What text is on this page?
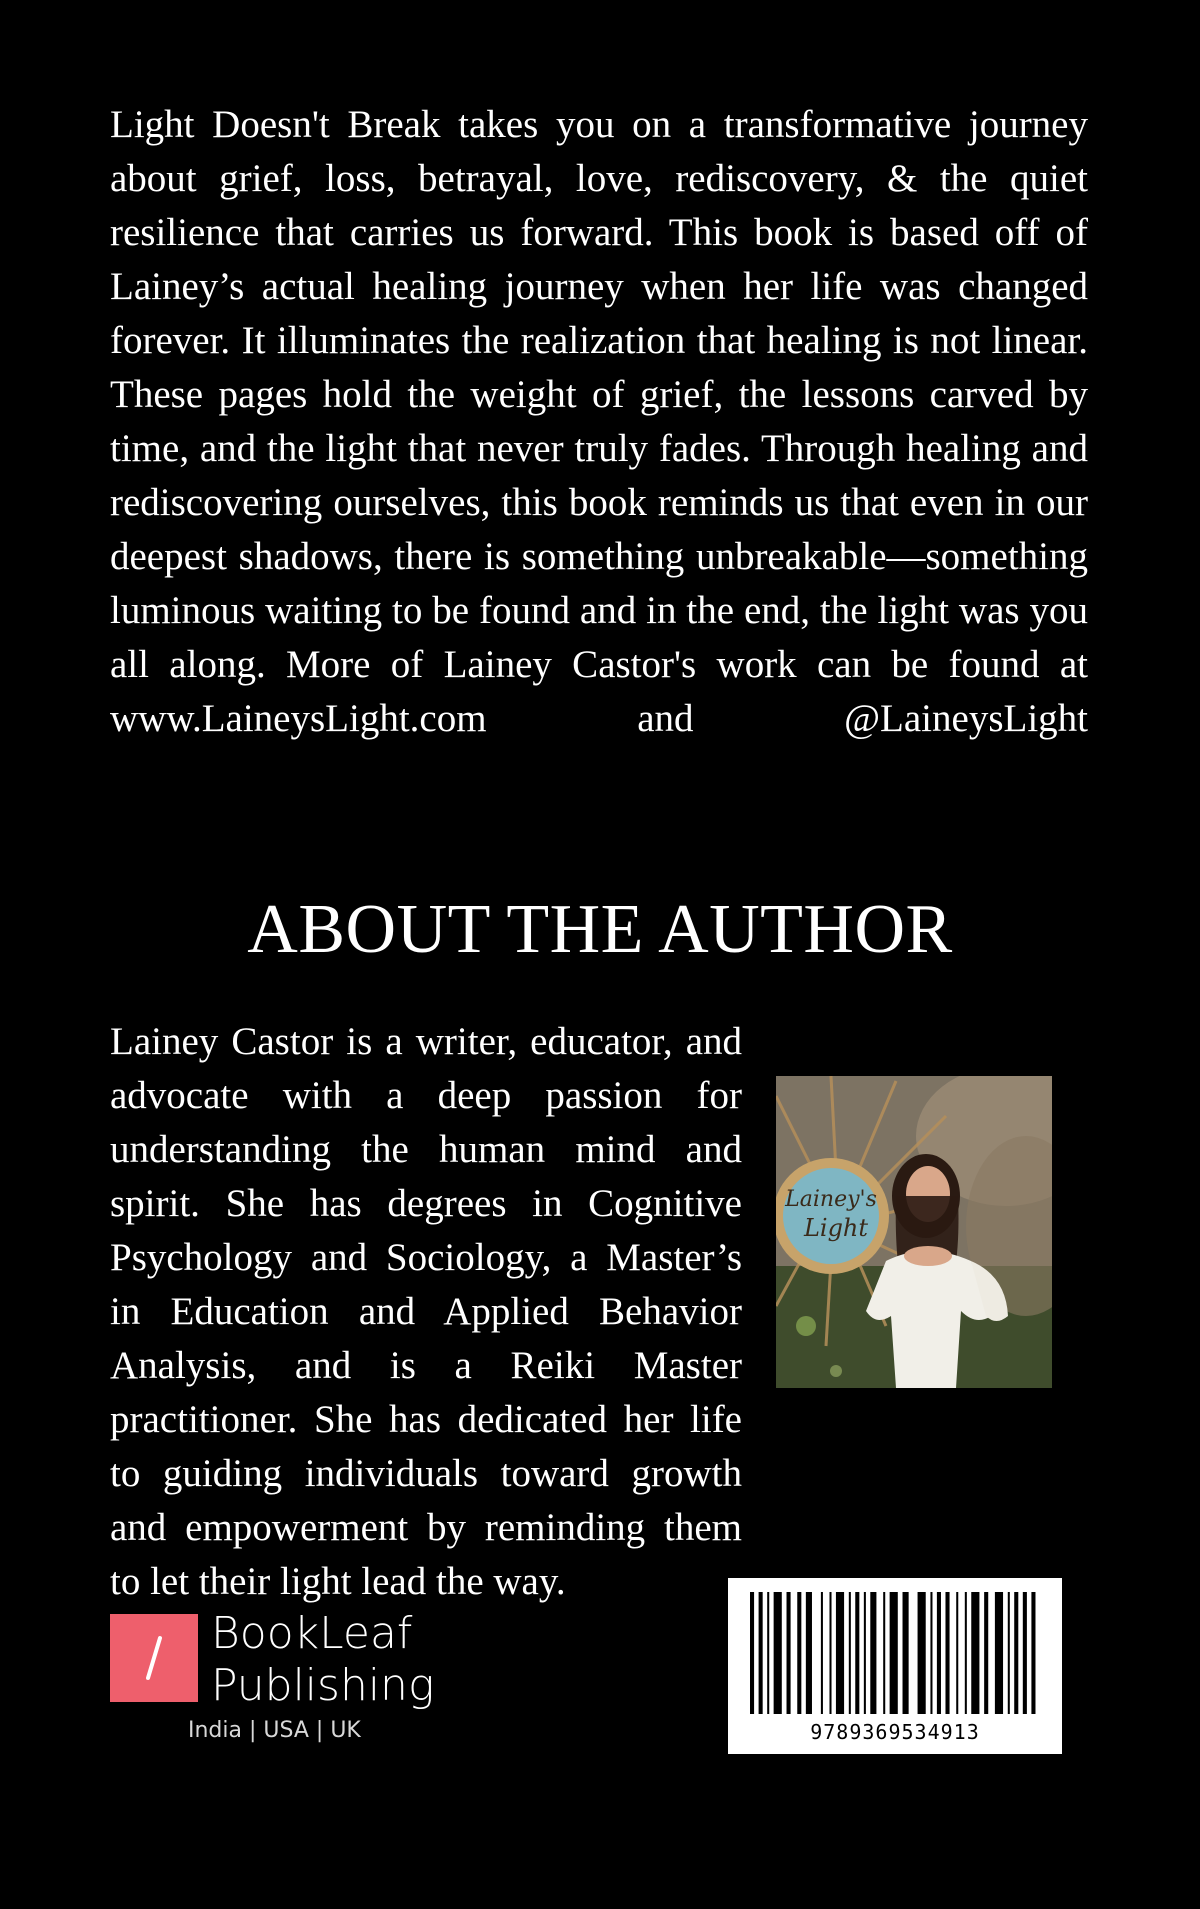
Light Doesn't Break takes you on a transformative journey about grief, loss, betrayal, love, rediscovery, & the quiet resilience that carries us forward. This book is based off of Lainey’s actual healing journey when her life was changed forever. It illuminates the realization that healing is not linear. These pages hold the weight of grief, the lessons carved by time, and the light that never truly fades. Through healing and rediscovering ourselves, this book reminds us that even in our deepest shadows, there is something unbreakable—something luminous waiting to be found and in the end, the light was you all along. More of Lainey Castor's work can be found at www.LaineysLight.com and @LaineysLight

ABOUT THE AUTHOR

Lainey Castor is a writer, educator, and advocate with a deep passion for understanding the human mind and spirit. She has degrees in Cognitive Psychology and Sociology, a Master’s in Education and Applied Behavior Analysis, and is a Reiki Master practitioner. She has dedicated her life to guiding individuals toward growth and empowerment by reminding them to let their light lead the way.

Lainey's
Light
BookLeaf
Publishing
India | USA | UK	9789369534913
